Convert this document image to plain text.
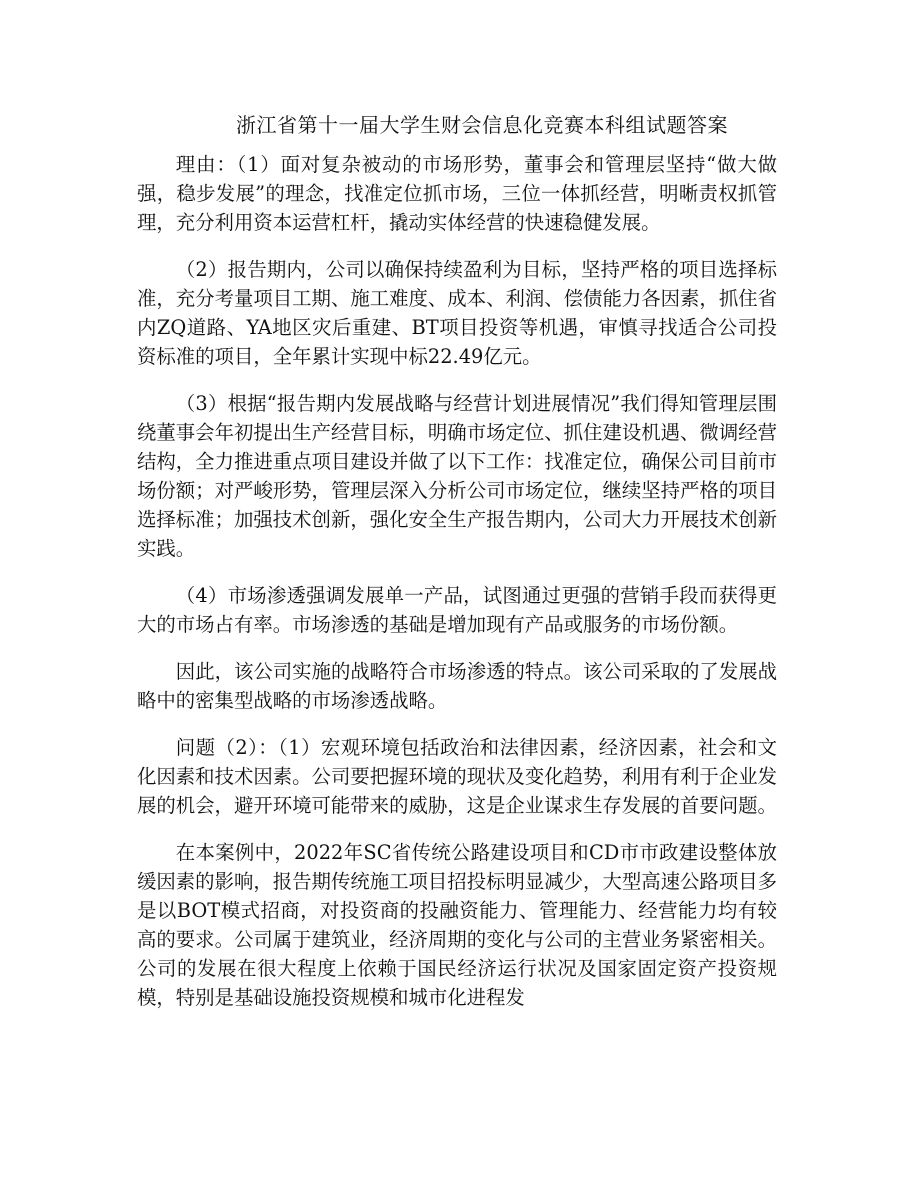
浙江省第十一届大学生财会信息化竞赛本科组试题答案

理由：（1）面对复杂被动的市场形势，董事会和管理层坚持“做大做强，稳步发展”的理念，找准定位抓市场，三位一体抓经营，明晰责权抓管理，充分利用资本运营杠杆，撬动实体经营的快速稳健发展。

（2）报告期内，公司以确保持续盈利为目标，坚持严格的项目选择标准，充分考量项目工期、施工难度、成本、利润、偿债能力各因素，抓住省内ZQ道路、YA地区灾后重建、BT项目投资等机遇，审慎寻找适合公司投资标准的项目，全年累计实现中标22.49亿元。

（3）根据“报告期内发展战略与经营计划进展情况”我们得知管理层围绕董事会年初提出生产经营目标，明确市场定位、抓住建设机遇、微调经营结构，全力推进重点项目建设并做了以下工作：找准定位，确保公司目前市场份额；对严峻形势，管理层深入分析公司市场定位，继续坚持严格的项目选择标准；加强技术创新，强化安全生产报告期内，公司大力开展技术创新实践。

（4）市场渗透强调发展单一产品，试图通过更强的营销手段而获得更大的市场占有率。市场渗透的基础是增加现有产品或服务的市场份额。

因此，该公司实施的战略符合市场渗透的特点。该公司采取的了发展战略中的密集型战略的市场渗透战略。

问题（2）：（1）宏观环境包括政治和法律因素，经济因素，社会和文化因素和技术因素。公司要把握环境的现状及变化趋势，利用有利于企业发展的机会，避开环境可能带来的威胁，这是企业谋求生存发展的首要问题。

在本案例中，2022年SC省传统公路建设项目和CD市市政建设整体放缓因素的影响，报告期传统施工项目招投标明显减少，大型高速公路项目多是以BOT模式招商，对投资商的投融资能力、管理能力、经营能力均有较高的要求。公司属于建筑业，经济周期的变化与公司的主营业务紧密相关。公司的发展在很大程度上依赖于国民经济运行状况及国家固定资产投资规模，特别是基础设施投资规模和城市化进程发
